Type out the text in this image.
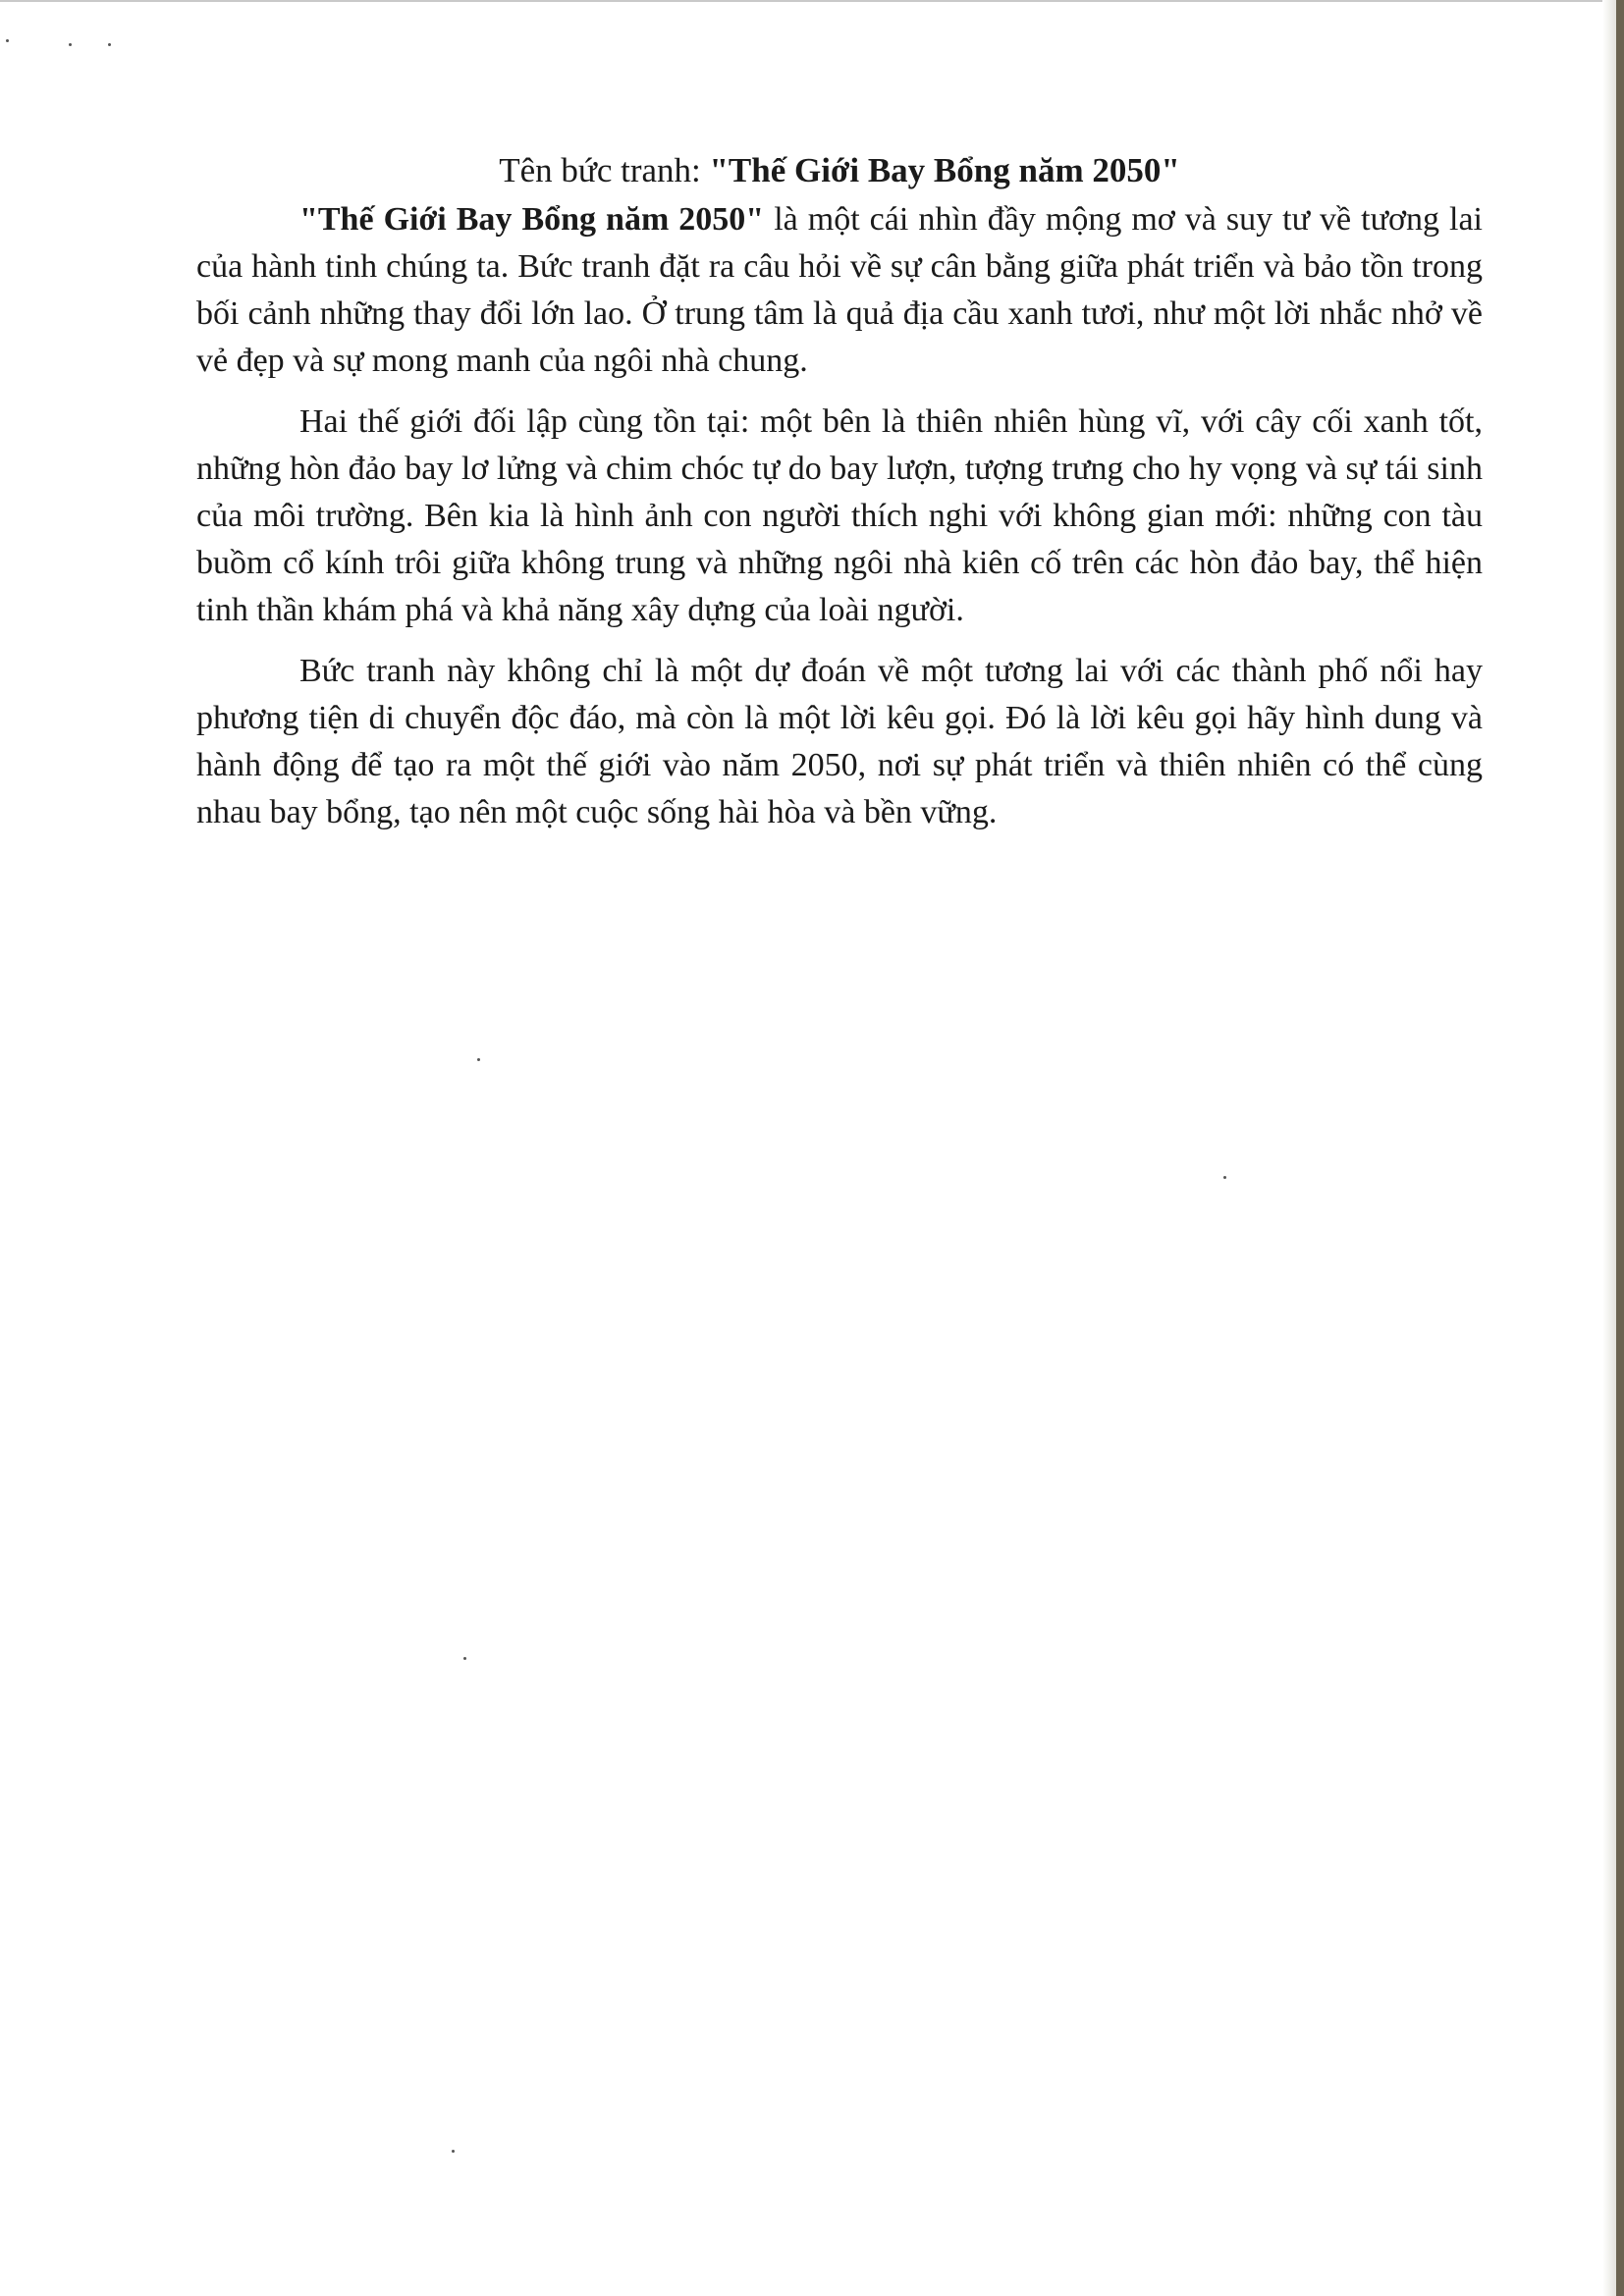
Tên bức tranh: "Thế Giới Bay Bổng năm 2050"

"Thế Giới Bay Bổng năm 2050" là một cái nhìn đầy mộng mơ và suy tư về tương lai của hành tinh chúng ta. Bức tranh đặt ra câu hỏi về sự cân bằng giữa phát triển và bảo tồn trong bối cảnh những thay đổi lớn lao. Ở trung tâm là quả địa cầu xanh tươi, như một lời nhắc nhở về vẻ đẹp và sự mong manh của ngôi nhà chung.

Hai thế giới đối lập cùng tồn tại: một bên là thiên nhiên hùng vĩ, với cây cối xanh tốt, những hòn đảo bay lơ lửng và chim chóc tự do bay lượn, tượng trưng cho hy vọng và sự tái sinh của môi trường. Bên kia là hình ảnh con người thích nghi với không gian mới: những con tàu buồm cổ kính trôi giữa không trung và những ngôi nhà kiên cố trên các hòn đảo bay, thể hiện tinh thần khám phá và khả năng xây dựng của loài người.

Bức tranh này không chỉ là một dự đoán về một tương lai với các thành phố nổi hay phương tiện di chuyển độc đáo, mà còn là một lời kêu gọi. Đó là lời kêu gọi hãy hình dung và hành động để tạo ra một thế giới vào năm 2050, nơi sự phát triển và thiên nhiên có thể cùng nhau bay bổng, tạo nên một cuộc sống hài hòa và bền vững.
